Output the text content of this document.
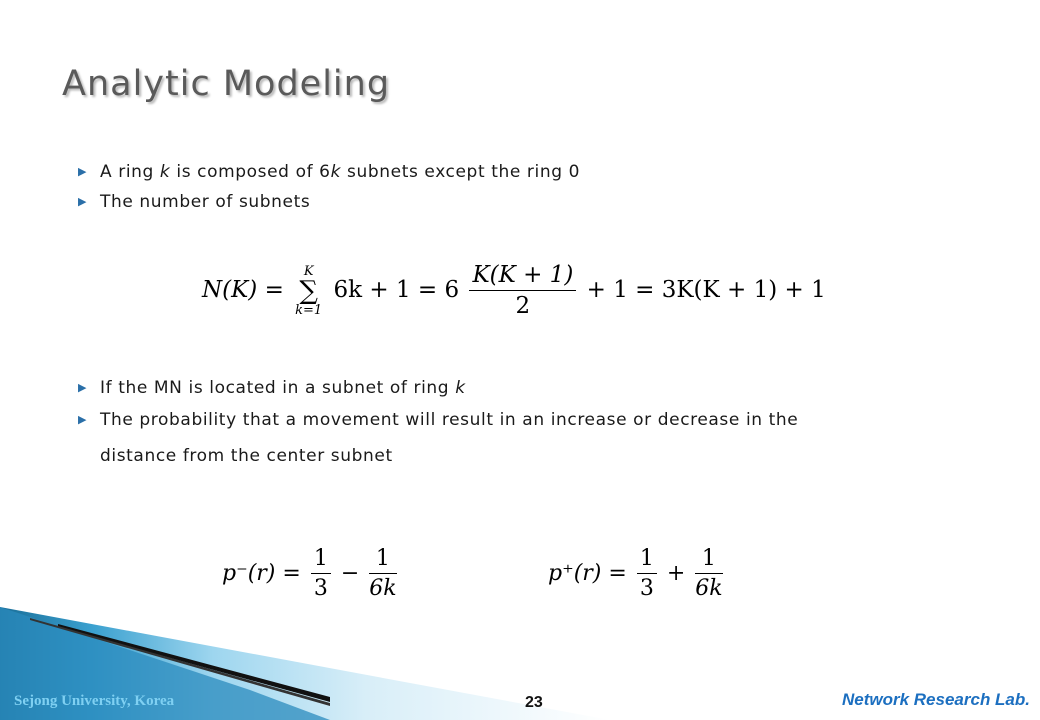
Analytic Modeling
▶ A ring k is composed of 6k subnets except the ring 0
▶ The number of subnets
N(K) =
K
∑
k=1
$6k + 1 = 6 \frac{K(K + 1)}{2} + 1 = 3K(K + 1) + 1$
▶ If the MN is located in a subnet of ring k
▶ The probability that a movement will result in an increase or decrease in the
distance from the center subnet
$p^-(r) = \frac{1}{3} - \frac{1}{6k}$	$p^+(r) = \frac{1}{3} + \frac{1}{6k}$
Sejong University, Korea	23	Network Research Lab.
